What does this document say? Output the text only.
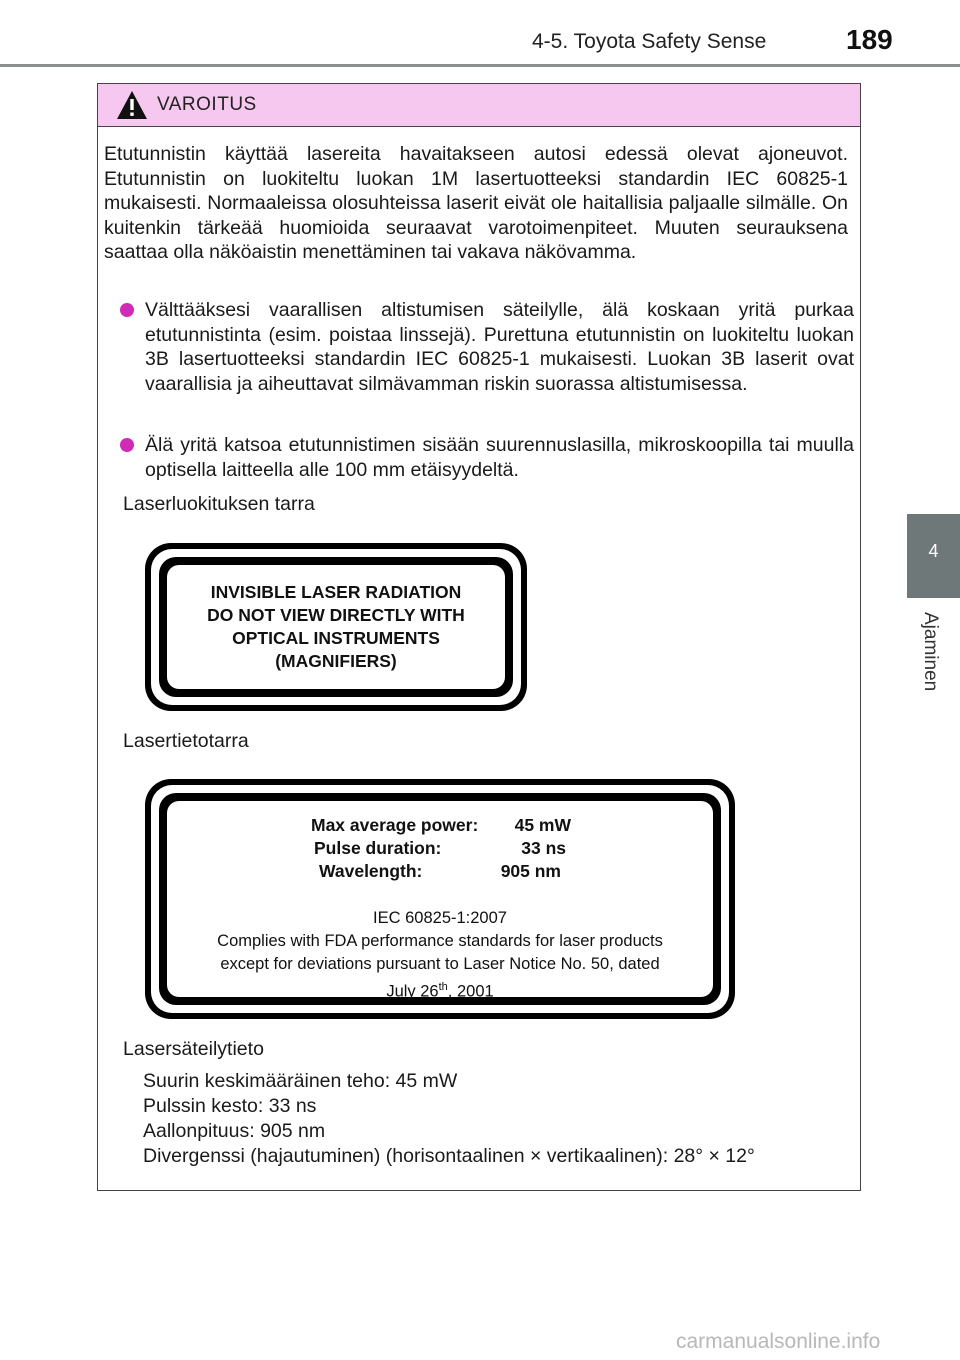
4-5. Toyota Safety Sense	189
4
Ajaminen
VAROITUS
Etutunnistin käyttää lasereita havaitakseen autosi edessä olevat ajoneuvot. Etutunnistin on luokiteltu luokan 1M lasertuotteeksi standardin IEC 60825-1 mukaisesti. Normaaleissa olosuhteissa laserit eivät ole haitallisia paljaalle silmälle. On kuitenkin tärkeää huomioida seuraavat varotoimenpiteet. Muuten seurauksena saattaa olla näköaistin menettäminen tai vakava näkövamma.
Välttääksesi vaarallisen altistumisen säteilylle, älä koskaan yritä purkaa etutunnistinta (esim. poistaa linssejä). Purettuna etutunnistin on luokiteltu luokan 3B lasertuotteeksi standardin IEC 60825-1 mukaisesti. Luokan 3B laserit ovat vaarallisia ja aiheuttavat silmävamman riskin suorassa altistumisessa.
Älä yritä katsoa etutunnistimen sisään suurennuslasilla, mikroskoopilla tai muulla optisella laitteella alle 100 mm etäisyydeltä.
Laserluokituksen tarra
INVISIBLE LASER RADIATION
DO NOT VIEW DIRECTLY WITH
OPTICAL INSTRUMENTS
(MAGNIFIERS)
Lasertietotarra
Max average power: 45 mW
Pulse duration:	33 ns
Wavelength:	905 nm
IEC 60825-1:2007
Complies with FDA performance standards for laser products
except for deviations pursuant to Laser Notice No. 50, dated
July 26th, 2001
Lasersäteilytieto
Suurin keskimääräinen teho: 45 mW
Pulssin kesto: 33 ns
Aallonpituus: 905 nm
Divergenssi (hajautuminen) (horisontaalinen × vertikaalinen): 28° × 12°
carmanualsonline.info
